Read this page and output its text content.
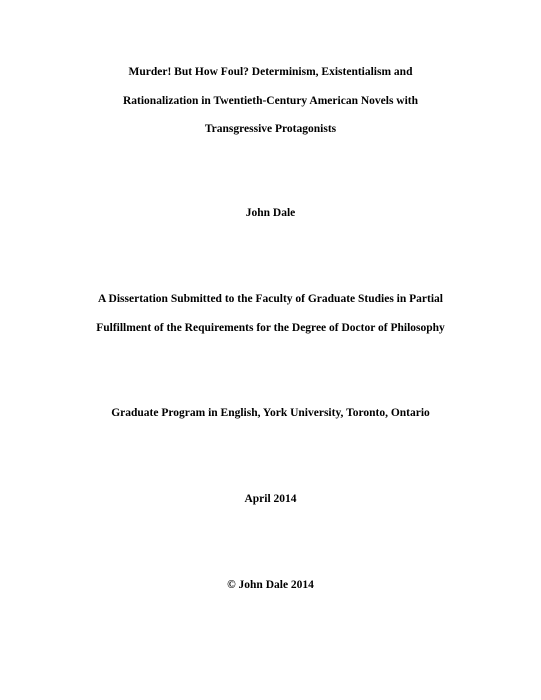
Murder! But How Foul? Determinism, Existentialism and
Rationalization in Twentieth-Century American Novels with
Transgressive Protagonists
John Dale
A Dissertation Submitted to the Faculty of Graduate Studies in Partial
Fulfillment of the Requirements for the Degree of Doctor of Philosophy
Graduate Program in English, York University, Toronto, Ontario
April 2014
© John Dale 2014
